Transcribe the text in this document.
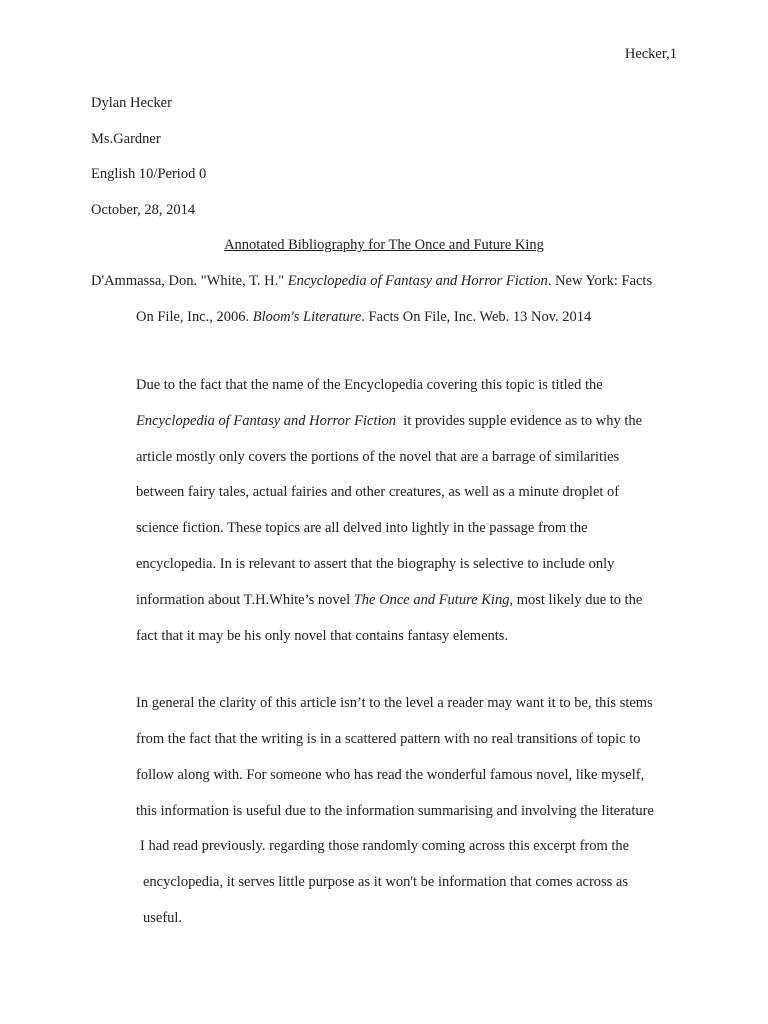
Hecker,1
Dylan Hecker
Ms.Gardner
English 10/Period 0
October, 28, 2014
Annotated Bibliography for The Once and Future King
D'Ammassa, Don. "White, T. H." Encyclopedia of Fantasy and Horror Fiction. New York: Facts
On File, Inc., 2006. Bloom's Literature. Facts On File, Inc. Web. 13 Nov. 2014
Due to the fact that the name of the Encyclopedia covering this topic is titled the
Encyclopedia of Fantasy and Horror Fiction  it provides supple evidence as to why the
article mostly only covers the portions of the novel that are a barrage of similarities
between fairy tales, actual fairies and other creatures, as well as a minute droplet of
science fiction. These topics are all delved into lightly in the passage from the
encyclopedia. In is relevant to assert that the biography is selective to include only
information about T.H.White’s novel The Once and Future King, most likely due to the
fact that it may be his only novel that contains fantasy elements.
In general the clarity of this article isn’t to the level a reader may want it to be, this stems
from the fact that the writing is in a scattered pattern with no real transitions of topic to
follow along with. For someone who has read the wonderful famous novel, like myself,
this information is useful due to the information summarising and involving the literature
I had read previously. regarding those randomly coming across this excerpt from the
encyclopedia, it serves little purpose as it won't be information that comes across as
useful.
